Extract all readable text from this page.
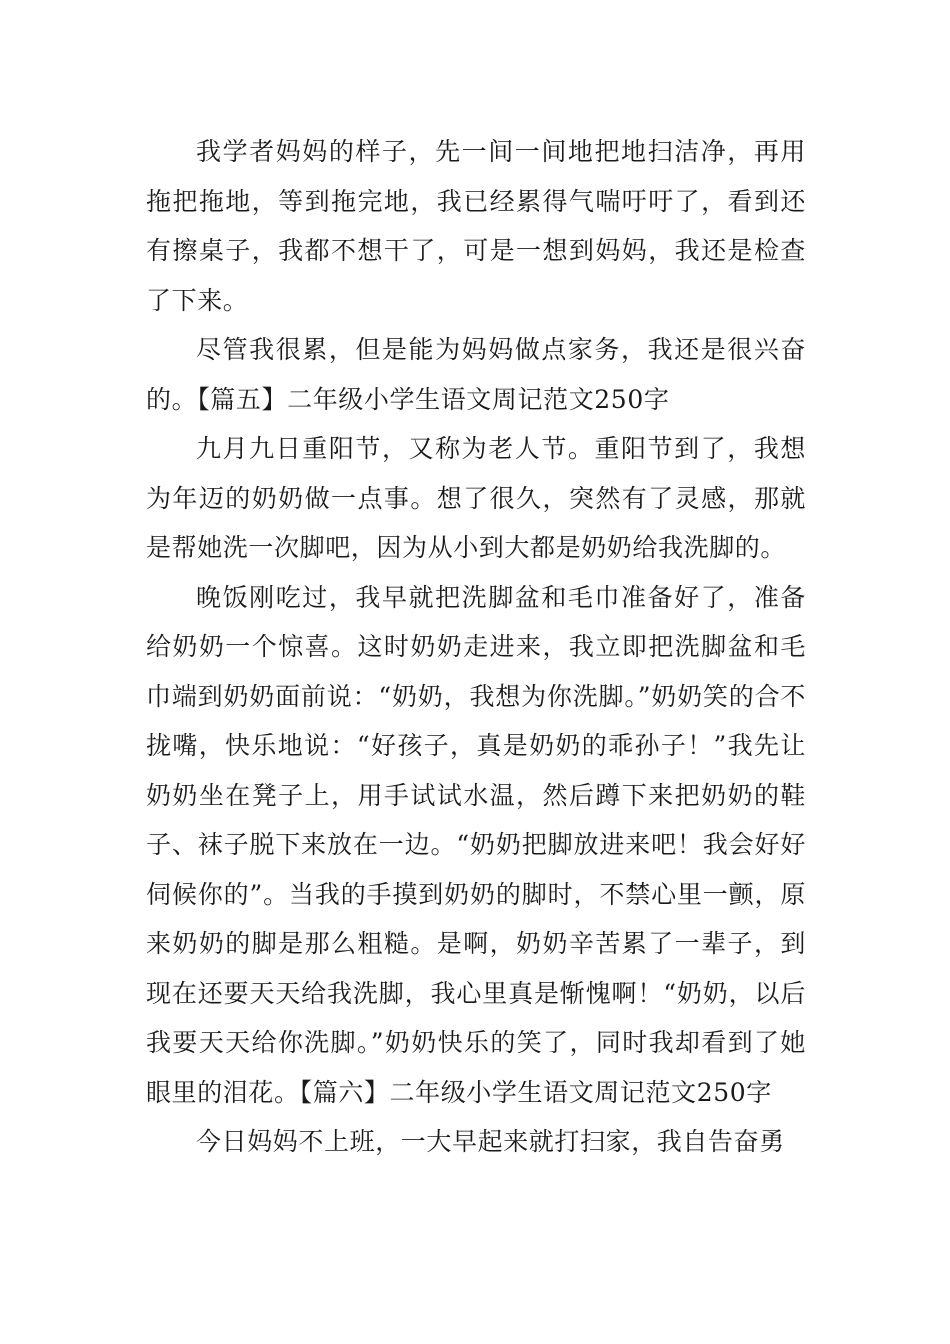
我学者妈妈的样子，先一间一间地把地扫洁净，再用拖把拖地，等到拖完地，我已经累得气喘吁吁了，看到还有擦桌子，我都不想干了，可是一想到妈妈，我还是检查了下来。

尽管我很累，但是能为妈妈做点家务，我还是很兴奋的。【篇五】二年级小学生语文周记范文250字

九月九日重阳节，又称为老人节。重阳节到了，我想为年迈的奶奶做一点事。想了很久，突然有了灵感，那就是帮她洗一次脚吧，因为从小到大都是奶奶给我洗脚的。

晚饭刚吃过，我早就把洗脚盆和毛巾准备好了，准备给奶奶一个惊喜。这时奶奶走进来，我立即把洗脚盆和毛巾端到奶奶面前说：“奶奶，我想为你洗脚。”奶奶笑的合不拢嘴，快乐地说：“好孩子，真是奶奶的乖孙子！”我先让奶奶坐在凳子上，用手试试水温，然后蹲下来把奶奶的鞋子、袜子脱下来放在一边。“奶奶把脚放进来吧！我会好好伺候你的”。当我的手摸到奶奶的脚时，不禁心里一颤，原来奶奶的脚是那么粗糙。是啊，奶奶辛苦累了一辈子，到现在还要天天给我洗脚，我心里真是惭愧啊！“奶奶，以后我要天天给你洗脚。”奶奶快乐的笑了，同时我却看到了她眼里的泪花。【篇六】二年级小学生语文周记范文250字

今日妈妈不上班，一大早起来就打扫家，我自告奋勇
